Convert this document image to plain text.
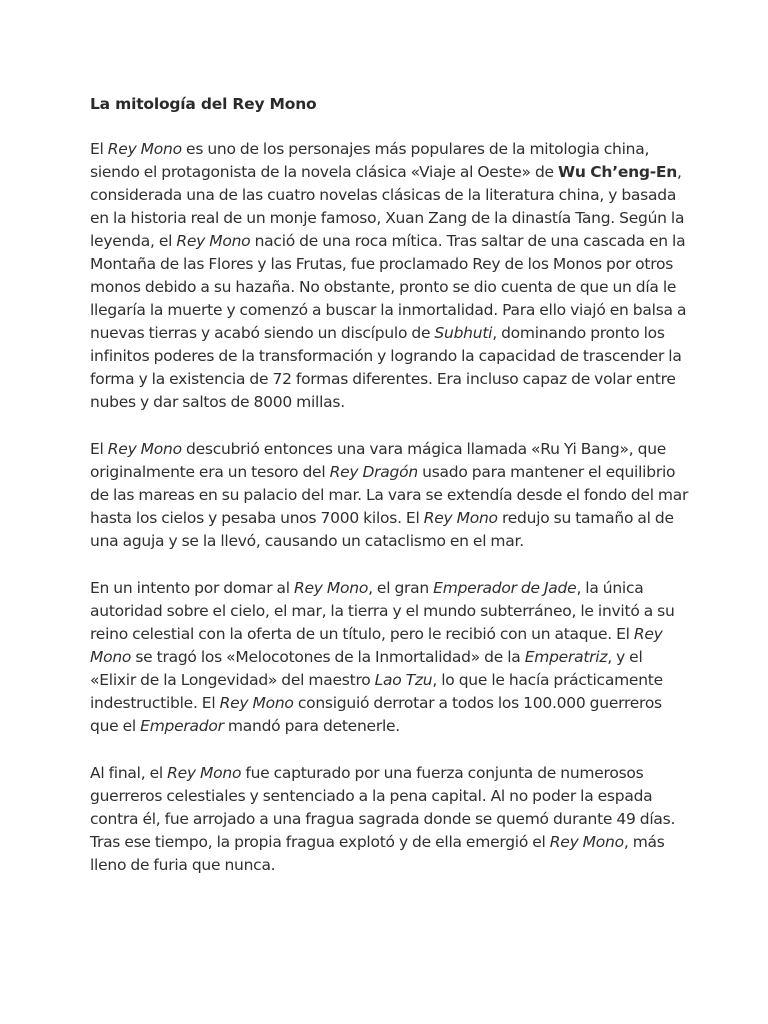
La mitología del Rey Mono

El Rey Mono es uno de los personajes más populares de la mitologia china, siendo el protagonista de la novela clásica «Viaje al Oeste» de Wu Ch’eng-En, considerada una de las cuatro novelas clásicas de la literatura china, y basada en la historia real de un monje famoso, Xuan Zang de la dinastía Tang. Según la leyenda, el Rey Mono nació de una roca mítica. Tras saltar de una cascada en la Montaña de las Flores y las Frutas, fue proclamado Rey de los Monos por otros monos debido a su hazaña. No obstante, pronto se dio cuenta de que un día le llegaría la muerte y comenzó a buscar la inmortalidad. Para ello viajó en balsa a nuevas tierras y acabó siendo un discípulo de Subhuti, dominando pronto los infinitos poderes de la transformación y logrando la capacidad de trascender la forma y la existencia de 72 formas diferentes. Era incluso capaz de volar entre nubes y dar saltos de 8000 millas.

El Rey Mono descubrió entonces una vara mágica llamada «Ru Yi Bang», que originalmente era un tesoro del Rey Dragón usado para mantener el equilibrio de las mareas en su palacio del mar. La vara se extendía desde el fondo del mar hasta los cielos y pesaba unos 7000 kilos. El Rey Mono redujo su tamaño al de una aguja y se la llevó, causando un cataclismo en el mar.

En un intento por domar al Rey Mono, el gran Emperador de Jade, la única autoridad sobre el cielo, el mar, la tierra y el mundo subterráneo, le invitó a su reino celestial con la oferta de un título, pero le recibió con un ataque. El Rey Mono se tragó los «Melocotones de la Inmortalidad» de la Emperatriz, y el «Elixir de la Longevidad» del maestro Lao Tzu, lo que le hacía prácticamente indestructible. El Rey Mono consiguió derrotar a todos los 100.000 guerreros que el Emperador mandó para detenerle.

Al final, el Rey Mono fue capturado por una fuerza conjunta de numerosos guerreros celestiales y sentenciado a la pena capital. Al no poder la espada contra él, fue arrojado a una fragua sagrada donde se quemó durante 49 días. Tras ese tiempo, la propia fragua explotó y de ella emergió el Rey Mono, más lleno de furia que nunca.
